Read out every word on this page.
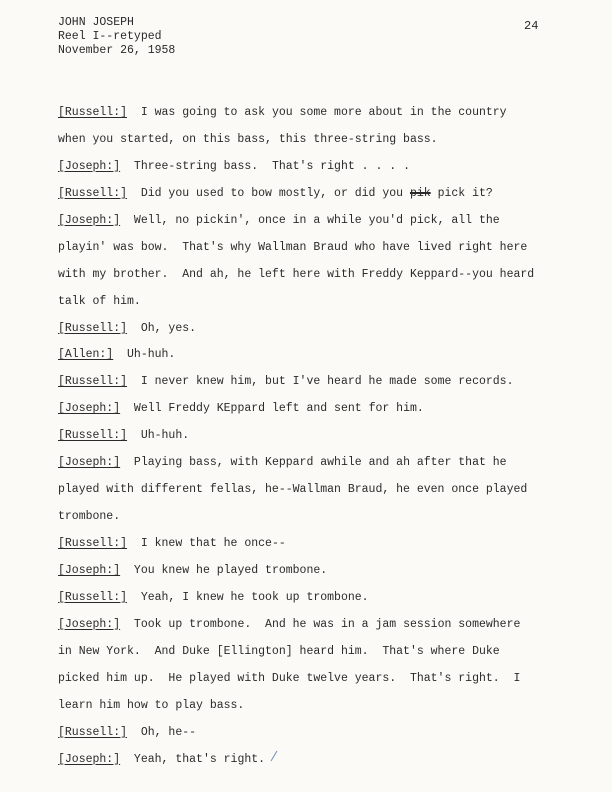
JOHN JOSEPH
Reel I--retyped
November 26, 1958
24
[Russell:]  I was going to ask you some more about in the country
when you started, on this bass, this three-string bass.
[Joseph:]  Three-string bass.  That's right . . . .
[Russell:]  Did you used to bow mostly, or did you pik pick it?
[Joseph:]  Well, no pickin', once in a while you'd pick, all the
playin' was bow.  That's why Wallman Braud who have lived right here
with my brother.  And ah, he left here with Freddy Keppard--you heard
talk of him.
[Russell:]  Oh, yes.
[Allen:]  Uh-huh.
[Russell:]  I never knew him, but I've heard he made some records.
[Joseph:]  Well Freddy KEppard left and sent for him.
[Russell:]  Uh-huh.
[Joseph:]  Playing bass, with Keppard awhile and ah after that he
played with different fellas, he--Wallman Braud, he even once played
trombone.
[Russell:]  I knew that he once--
[Joseph:]  You knew he played trombone.
[Russell:]  Yeah, I knew he took up trombone.
[Joseph:]  Took up trombone.  And he was in a jam session somewhere
in New York.  And Duke [Ellington] heard him.  That's where Duke
picked him up.  He played with Duke twelve years.  That's right.  I
learn him how to play bass.
[Russell:]  Oh, he--
[Joseph:]  Yeah, that's right.
